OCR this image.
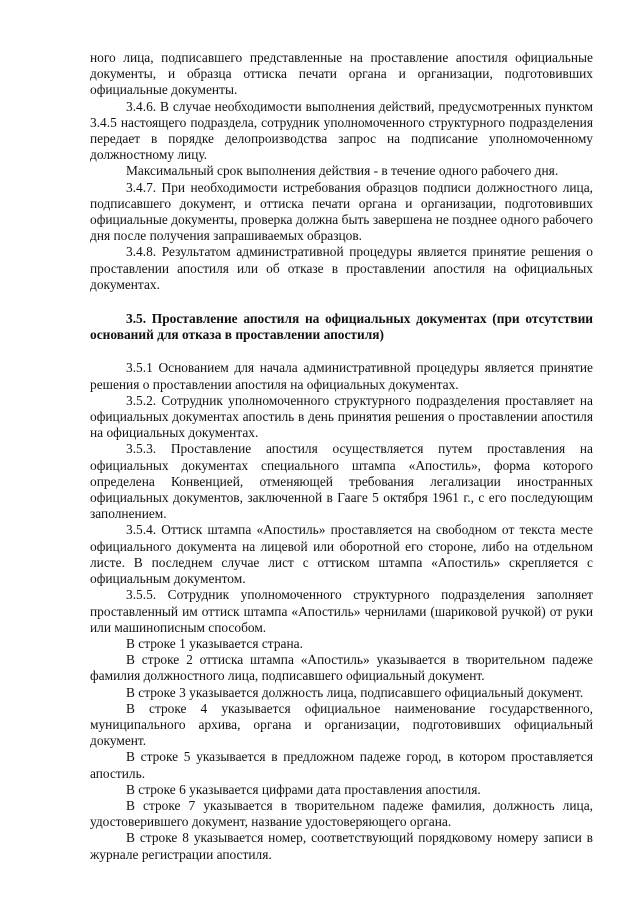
ного лица, подписавшего представленные на проставление апостиля официальные документы, и образца оттиска печати органа и организации, подготовивших официальные документы.

3.4.6. В случае необходимости выполнения действий, предусмотренных пунктом 3.4.5 настоящего подраздела, сотрудник уполномоченного структурного подразделения передает в порядке делопроизводства запрос на подписание уполномоченному должностному лицу.

Максимальный срок выполнения действия - в течение одного рабочего дня.

3.4.7. При необходимости истребования образцов подписи должностного лица, подписавшего документ, и оттиска печати органа и организации, подготовивших официальные документы, проверка должна быть завершена не позднее одного рабочего дня после получения запрашиваемых образцов.

3.4.8. Результатом административной процедуры является принятие решения о проставлении апостиля или об отказе в проставлении апостиля на официальных документах.

3.5. Проставление апостиля на официальных документах (при отсутствии оснований для отказа в проставлении апостиля)

3.5.1 Основанием для начала административной процедуры является принятие решения о проставлении апостиля на официальных документах.

3.5.2. Сотрудник уполномоченного структурного подразделения проставляет на официальных документах апостиль в день принятия решения о проставлении апостиля на официальных документах.

3.5.3. Проставление апостиля осуществляется путем проставления на официальных документах специального штампа «Апостиль», форма которого определена Конвенцией, отменяющей требования легализации иностранных официальных документов, заключенной в Гааге 5 октября 1961 г., с его последующим заполнением.

3.5.4. Оттиск штампа «Апостиль» проставляется на свободном от текста месте официального документа на лицевой или оборотной его стороне, либо на отдельном листе. В последнем случае лист с оттиском штампа «Апостиль» скрепляется с официальным документом.

3.5.5. Сотрудник уполномоченного структурного подразделения заполняет проставленный им оттиск штампа «Апостиль» чернилами (шариковой ручкой) от руки или машинописным способом.

В строке 1 указывается страна.

В строке 2 оттиска штампа «Апостиль» указывается в творительном падеже фамилия должностного лица, подписавшего официальный документ.

В строке 3 указывается должность лица, подписавшего официальный документ.

В строке 4 указывается официальное наименование государственного, муниципального архива, органа и организации, подготовивших официальный документ.

В строке 5 указывается в предложном падеже город, в котором проставляется апостиль.

В строке 6 указывается цифрами дата проставления апостиля.

В строке 7 указывается в творительном падеже фамилия, должность лица, удостоверившего документ, название удостоверяющего органа.

В строке 8 указывается номер, соответствующий порядковому номеру записи в журнале регистрации апостиля.
